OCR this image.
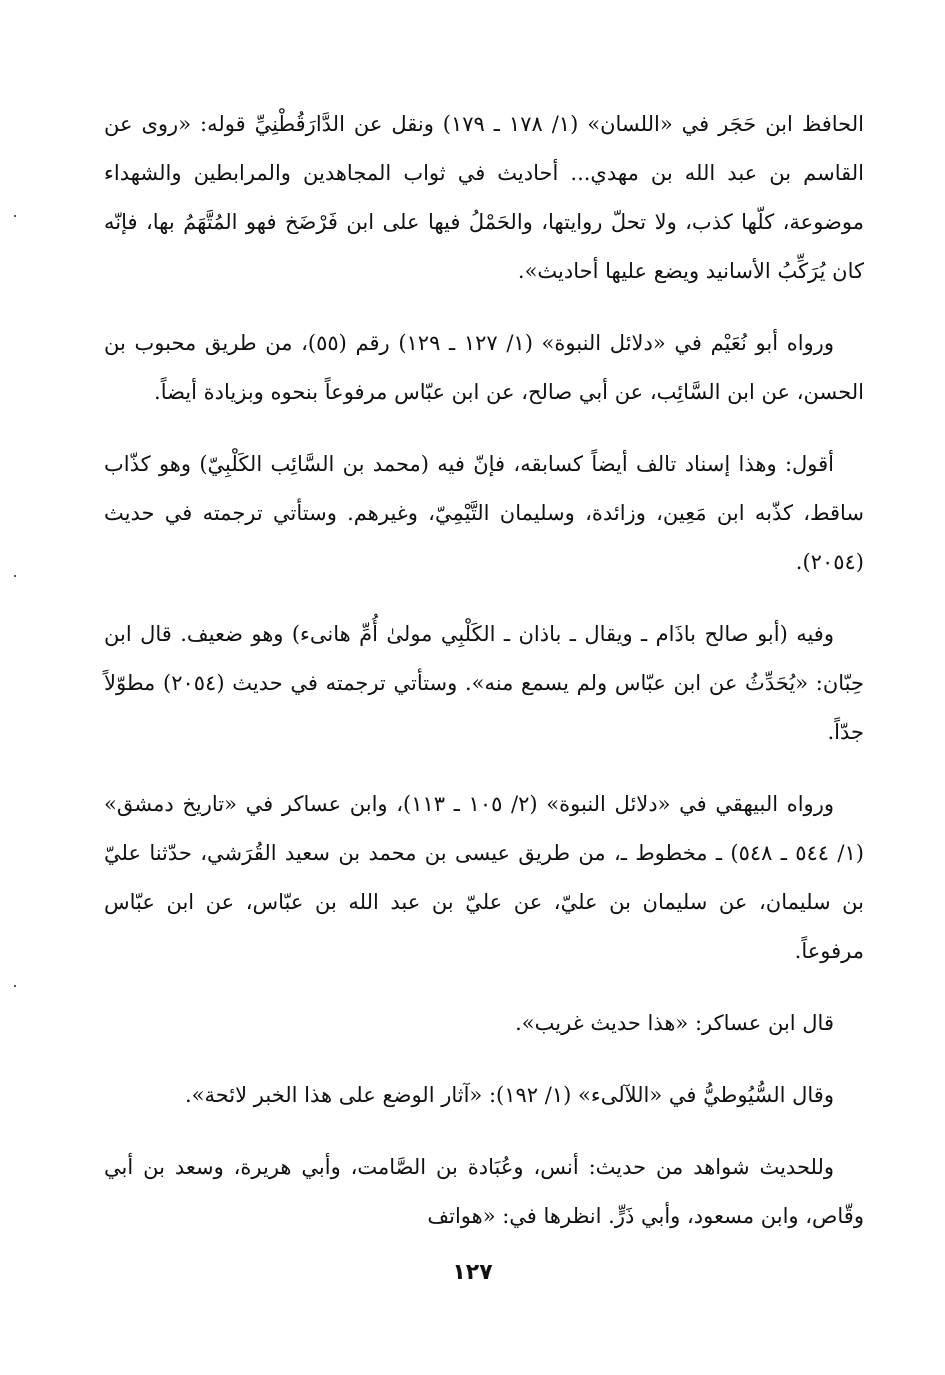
الحافظ ابن حَجَر في «اللسان» (١/ ١٧٨ ـ ١٧٩) ونقل عن الدَّارَقُطْنِيِّ قوله: «روى عن القاسم بن عبد الله بن مهدي... أحاديث في ثواب المجاهدين والمرابطين والشهداء موضوعة، كلّها كذب، ولا تحلّ روايتها، والحَمْلُ فيها على ابن فَرْضَخ فهو المُتَّهَمُ بها، فإنّه كان يُرَكِّبُ الأسانيد ويضع عليها أحاديث».

ورواه أبو نُعَيْم في «دلائل النبوة» (١/ ١٢٧ ـ ١٢٩) رقم (٥٥)، من طريق محبوب بن الحسن، عن ابن السَّائِب، عن أبي صالح، عن ابن عبّاس مرفوعاً بنحوه وبزيادة أيضاً.

أقول: وهذا إسناد تالف أيضاً كسابقه، فإنّ فيه (محمد بن السَّائِب الكَلْبِيّ) وهو كذّاب ساقط، كذّبه ابن مَعِين، وزائدة، وسليمان التَّيْمِيّ، وغيرهم. وستأتي ترجمته في حديث (٢٠٥٤).

وفيه (أبو صالح باذَام ـ ويقال ـ باذان ـ الكَلْبِي مولىٰ أُمِّ هانىء) وهو ضعيف. قال ابن حِبّان: «يُحَدِّثُ عن ابن عبّاس ولم يسمع منه». وستأتي ترجمته في حديث (٢٠٥٤) مطوّلاً جدّاً.

ورواه البيهقي في «دلائل النبوة» (٢/ ١٠٥ ـ ١١٣)، وابن عساكر في «تاريخ دمشق» (١/ ٥٤٤ ـ ٥٤٨) ـ مخطوط ـ، من طريق عيسى بن محمد بن سعيد القُرَشي، حدّثنا عليّ بن سليمان، عن سليمان بن عليّ، عن عليّ بن عبد الله بن عبّاس، عن ابن عبّاس مرفوعاً.

قال ابن عساكر: «هذا حديث غريب».

وقال السُّيُوطيُّ في «اللآلىء» (١/ ١٩٢): «آثار الوضع على هذا الخبر لائحة».

وللحديث شواهد من حديث: أنس، وعُبَادة بن الصَّامت، وأبي هريرة، وسعد بن أبي وقّاص، وابن مسعود، وأبي ذَرٍّ. انظرها في: «هواتف

١٢٧
